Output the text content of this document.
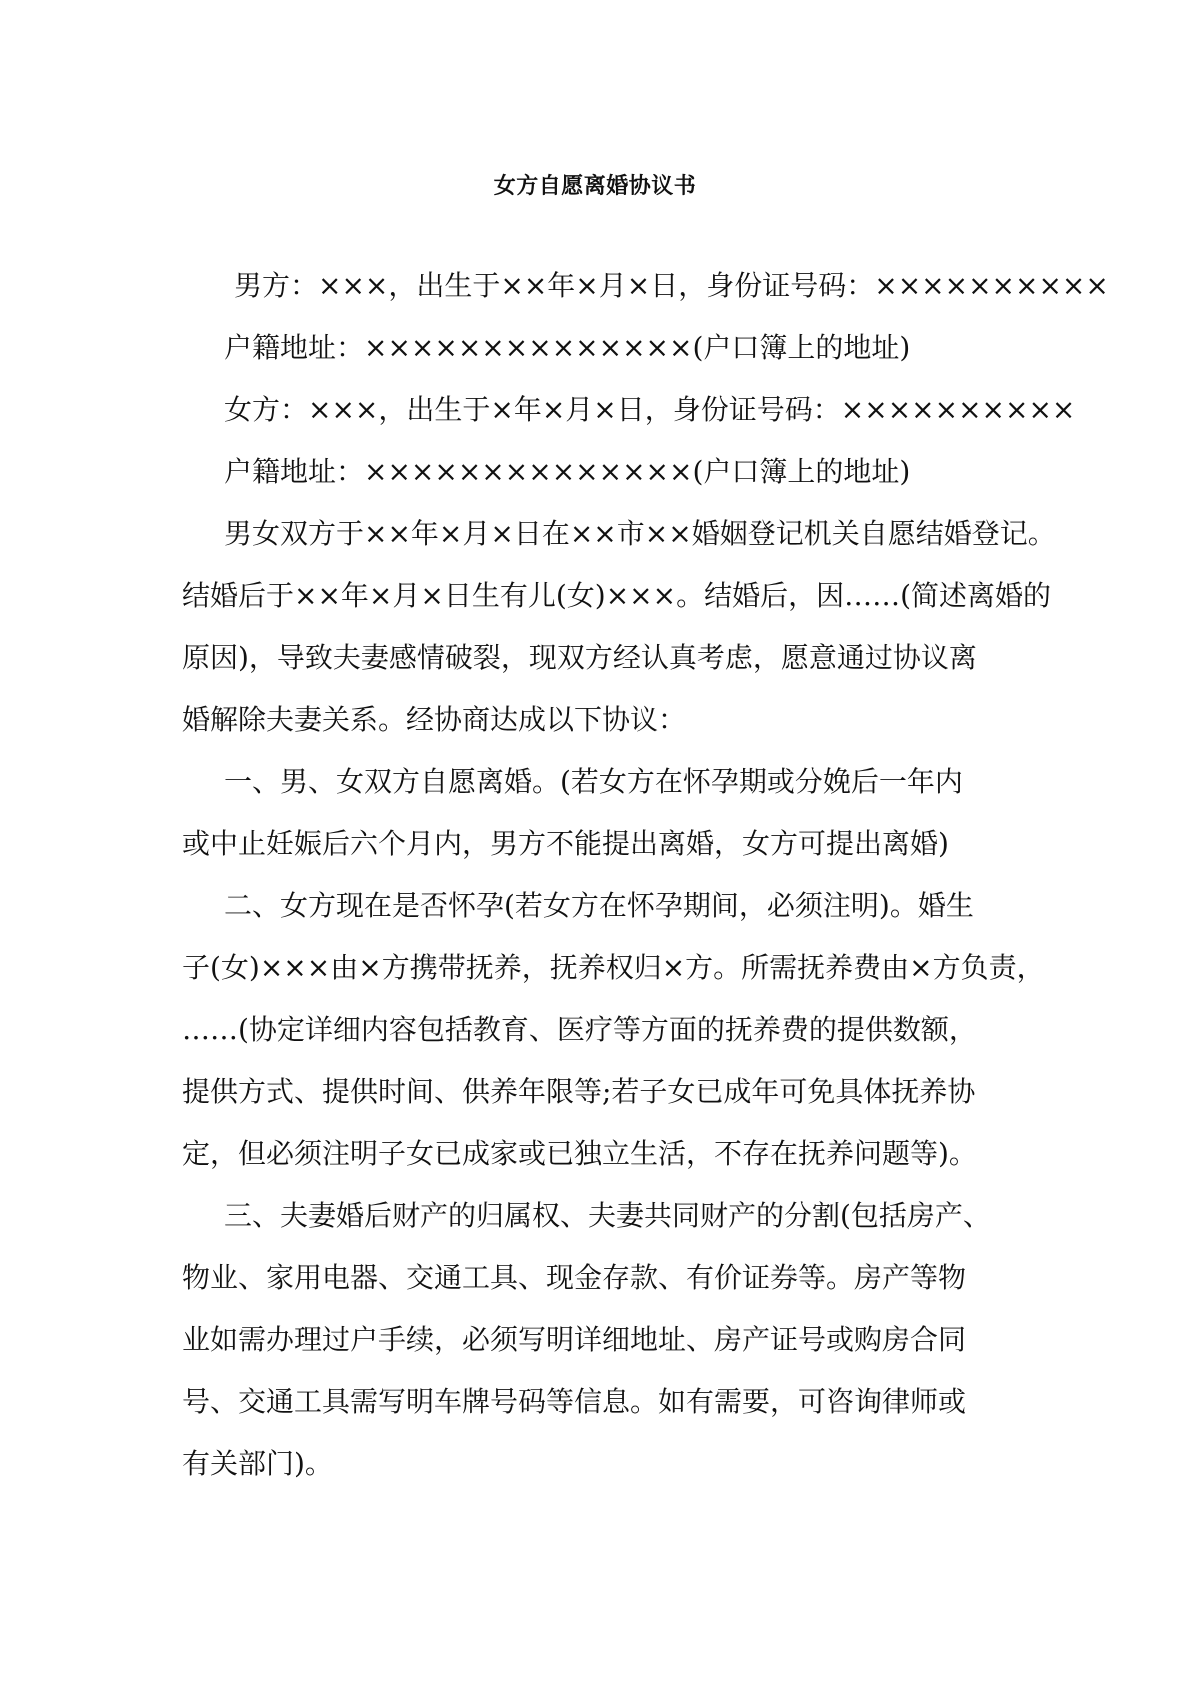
女方自愿离婚协议书
男方：×××，出生于××年×月×日，身份证号码：××××××××××
户籍地址：××××××××××××××(户口簿上的地址)
女方：×××，出生于×年×月×日，身份证号码：××××××××××
户籍地址：××××××××××××××(户口簿上的地址)
男女双方于××年×月×日在××市××婚姻登记机关自愿结婚登记。
结婚后于××年×月×日生有儿(女)×××。结婚后，因……(简述离婚的
原因)，导致夫妻感情破裂，现双方经认真考虑，愿意通过协议离
婚解除夫妻关系。经协商达成以下协议：
一、男、女双方自愿离婚。(若女方在怀孕期或分娩后一年内
或中止妊娠后六个月内，男方不能提出离婚，女方可提出离婚)
二、女方现在是否怀孕(若女方在怀孕期间，必须注明)。婚生
子(女)×××由×方携带抚养，抚养权归×方。所需抚养费由×方负责，
……(协定详细内容包括教育、医疗等方面的抚养费的提供数额，
提供方式、提供时间、供养年限等;若子女已成年可免具体抚养协
定，但必须注明子女已成家或已独立生活，不存在抚养问题等)。
三、夫妻婚后财产的归属权、夫妻共同财产的分割(包括房产、
物业、家用电器、交通工具、现金存款、有价证券等。房产等物
业如需办理过户手续，必须写明详细地址、房产证号或购房合同
号、交通工具需写明车牌号码等信息。如有需要，可咨询律师或
有关部门)。
